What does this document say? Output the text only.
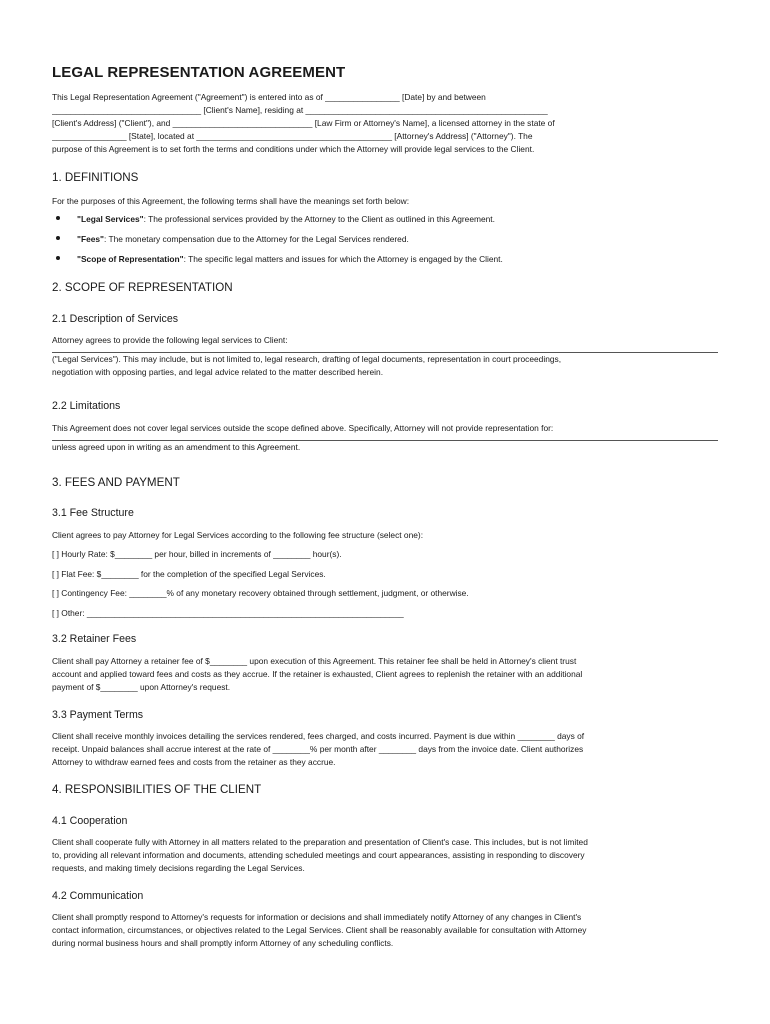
LEGAL REPRESENTATION AGREEMENT
This Legal Representation Agreement ("Agreement") is entered into as of ________________ [Date] by and between
________________________________ [Client's Name], residing at ____________________________________________________
[Client's Address] ("Client"), and ______________________________ [Law Firm or Attorney's Name], a licensed attorney in the state of
________________ [State], located at __________________________________________ [Attorney's Address] ("Attorney"). The
purpose of this Agreement is to set forth the terms and conditions under which the Attorney will provide legal services to the Client.
1. DEFINITIONS
For the purposes of this Agreement, the following terms shall have the meanings set forth below:
"Legal Services": The professional services provided by the Attorney to the Client as outlined in this Agreement.
"Fees": The monetary compensation due to the Attorney for the Legal Services rendered.
"Scope of Representation": The specific legal matters and issues for which the Attorney is engaged by the Client.
2. SCOPE OF REPRESENTATION
2.1 Description of Services
Attorney agrees to provide the following legal services to Client:
("Legal Services"). This may include, but is not limited to, legal research, drafting of legal documents, representation in court proceedings,
negotiation with opposing parties, and legal advice related to the matter described herein.
2.2 Limitations
This Agreement does not cover legal services outside the scope defined above. Specifically, Attorney will not provide representation for:
unless agreed upon in writing as an amendment to this Agreement.
3. FEES AND PAYMENT
3.1 Fee Structure
Client agrees to pay Attorney for Legal Services according to the following fee structure (select one):
[ ] Hourly Rate: $________ per hour, billed in increments of ________ hour(s).
[ ] Flat Fee: $________ for the completion of the specified Legal Services.
[ ] Contingency Fee: ________% of any monetary recovery obtained through settlement, judgment, or otherwise.
[ ] Other: ____________________________________________________________________
3.2 Retainer Fees
Client shall pay Attorney a retainer fee of $________ upon execution of this Agreement. This retainer fee shall be held in Attorney's client trust
account and applied toward fees and costs as they accrue. If the retainer is exhausted, Client agrees to replenish the retainer with an additional
payment of $________ upon Attorney's request.
3.3 Payment Terms
Client shall receive monthly invoices detailing the services rendered, fees charged, and costs incurred. Payment is due within ________ days of
receipt. Unpaid balances shall accrue interest at the rate of ________% per month after ________ days from the invoice date. Client authorizes
Attorney to withdraw earned fees and costs from the retainer as they accrue.
4. RESPONSIBILITIES OF THE CLIENT
4.1 Cooperation
Client shall cooperate fully with Attorney in all matters related to the preparation and presentation of Client's case. This includes, but is not limited
to, providing all relevant information and documents, attending scheduled meetings and court appearances, assisting in responding to discovery
requests, and making timely decisions regarding the Legal Services.
4.2 Communication
Client shall promptly respond to Attorney's requests for information or decisions and shall immediately notify Attorney of any changes in Client's
contact information, circumstances, or objectives related to the Legal Services. Client shall be reasonably available for consultation with Attorney
during normal business hours and shall promptly inform Attorney of any scheduling conflicts.
